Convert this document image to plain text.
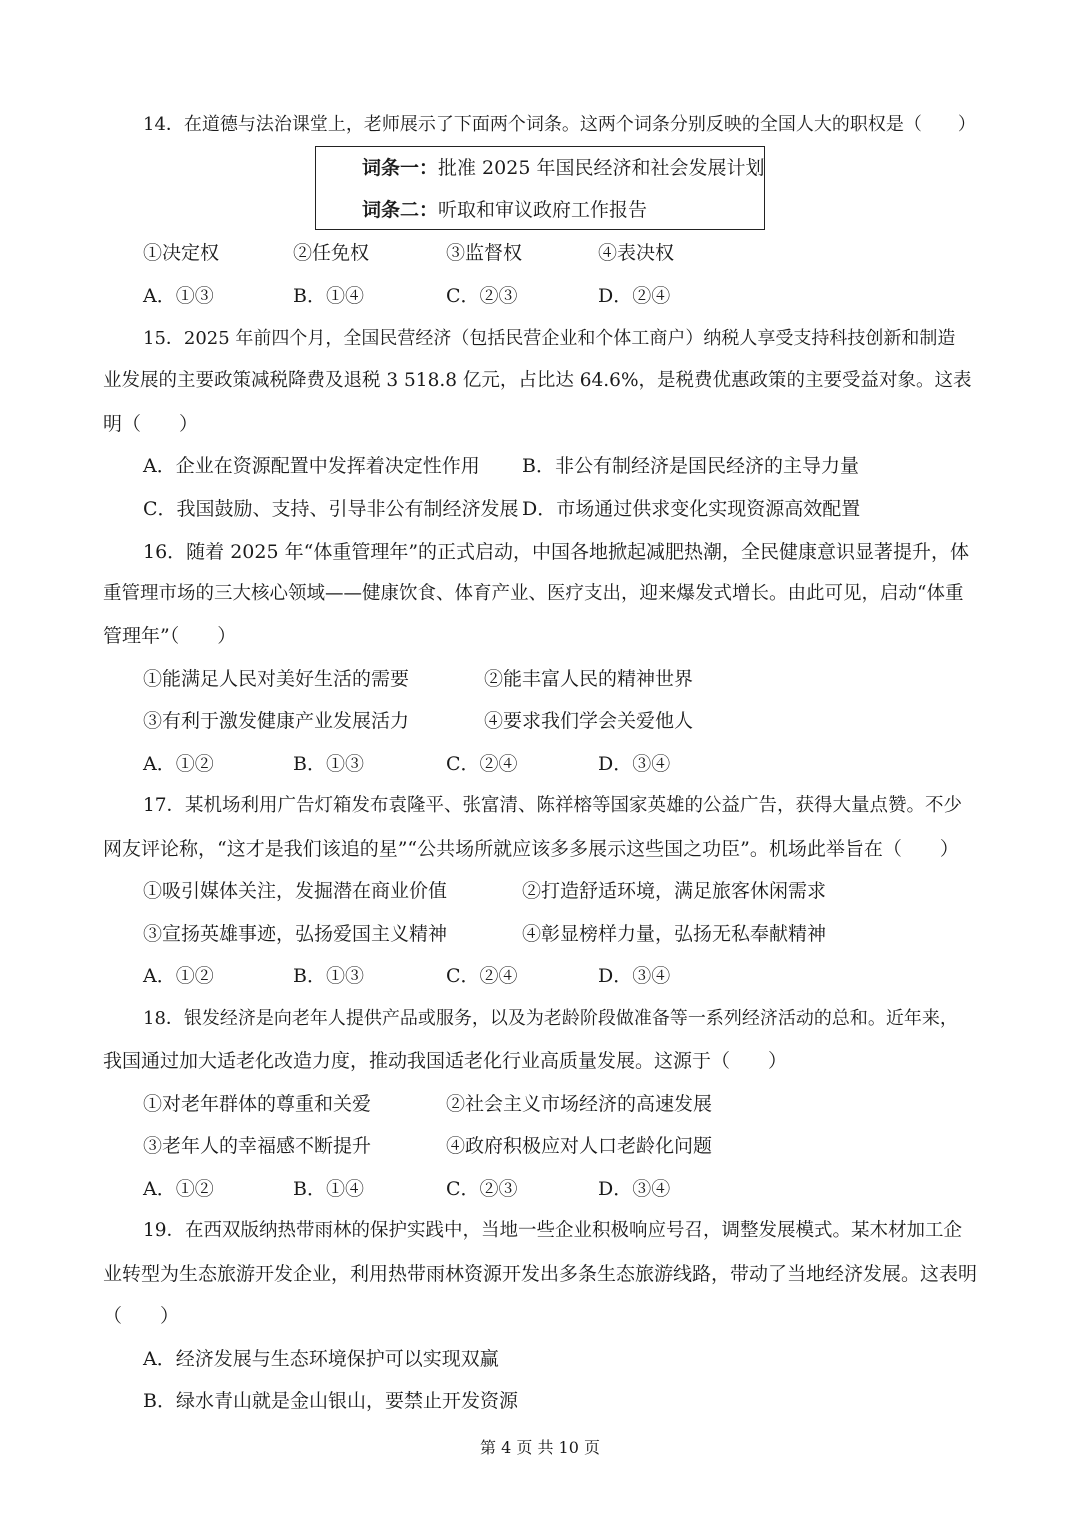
14．在道德与法治课堂上，老师展示了下面两个词条。这两个词条分别反映的全国人大的职权是（　　）
词条一：批准 2025 年国民经济和社会发展计划
词条二：听取和审议政府工作报告
①决定权	②任免权	③监督权	④表决权
A．①③	B．①④	C．②③	D．②④
15．2025 年前四个月，全国民营经济（包括民营企业和个体工商户）纳税人享受支持科技创新和制造
业发展的主要政策减税降费及退税 3 518.8 亿元，占比达 64.6%，是税费优惠政策的主要受益对象。这表
明（　　）
A．企业在资源配置中发挥着决定性作用 B．非公有制经济是国民经济的主导力量
C．我国鼓励、支持、引导非公有制经济发展 D．市场通过供求变化实现资源高效配置
16．随着 2025 年“体重管理年”的正式启动，中国各地掀起减肥热潮，全民健康意识显著提升，体
重管理市场的三大核心领域——健康饮食、体育产业、医疗支出，迎来爆发式增长。由此可见，启动“体重
管理年”（　　）
①能满足人民对美好生活的需要	②能丰富人民的精神世界
③有利于激发健康产业发展活力	④要求我们学会关爱他人
A．①②	B．①③	C．②④	D．③④
17．某机场利用广告灯箱发布袁隆平、张富清、陈祥榕等国家英雄的公益广告，获得大量点赞。不少
网友评论称，“这才是我们该追的星”“公共场所就应该多多展示这些国之功臣”。机场此举旨在（　　）
①吸引媒体关注，发掘潜在商业价值	②打造舒适环境，满足旅客休闲需求
③宣扬英雄事迹，弘扬爱国主义精神	④彰显榜样力量，弘扬无私奉献精神
A．①②	B．①③	C．②④	D．③④
18．银发经济是向老年人提供产品或服务，以及为老龄阶段做准备等一系列经济活动的总和。近年来，
我国通过加大适老化改造力度，推动我国适老化行业高质量发展。这源于（　　）
①对老年群体的尊重和关爱	②社会主义市场经济的高速发展
③老年人的幸福感不断提升	④政府积极应对人口老龄化问题
A．①②	B．①④	C．②③	D．③④
19．在西双版纳热带雨林的保护实践中，当地一些企业积极响应号召，调整发展模式。某木材加工企
业转型为生态旅游开发企业，利用热带雨林资源开发出多条生态旅游线路，带动了当地经济发展。这表明
（　　）
A．经济发展与生态环境保护可以实现双赢
B．绿水青山就是金山银山，要禁止开发资源
第 4 页 共 10 页
